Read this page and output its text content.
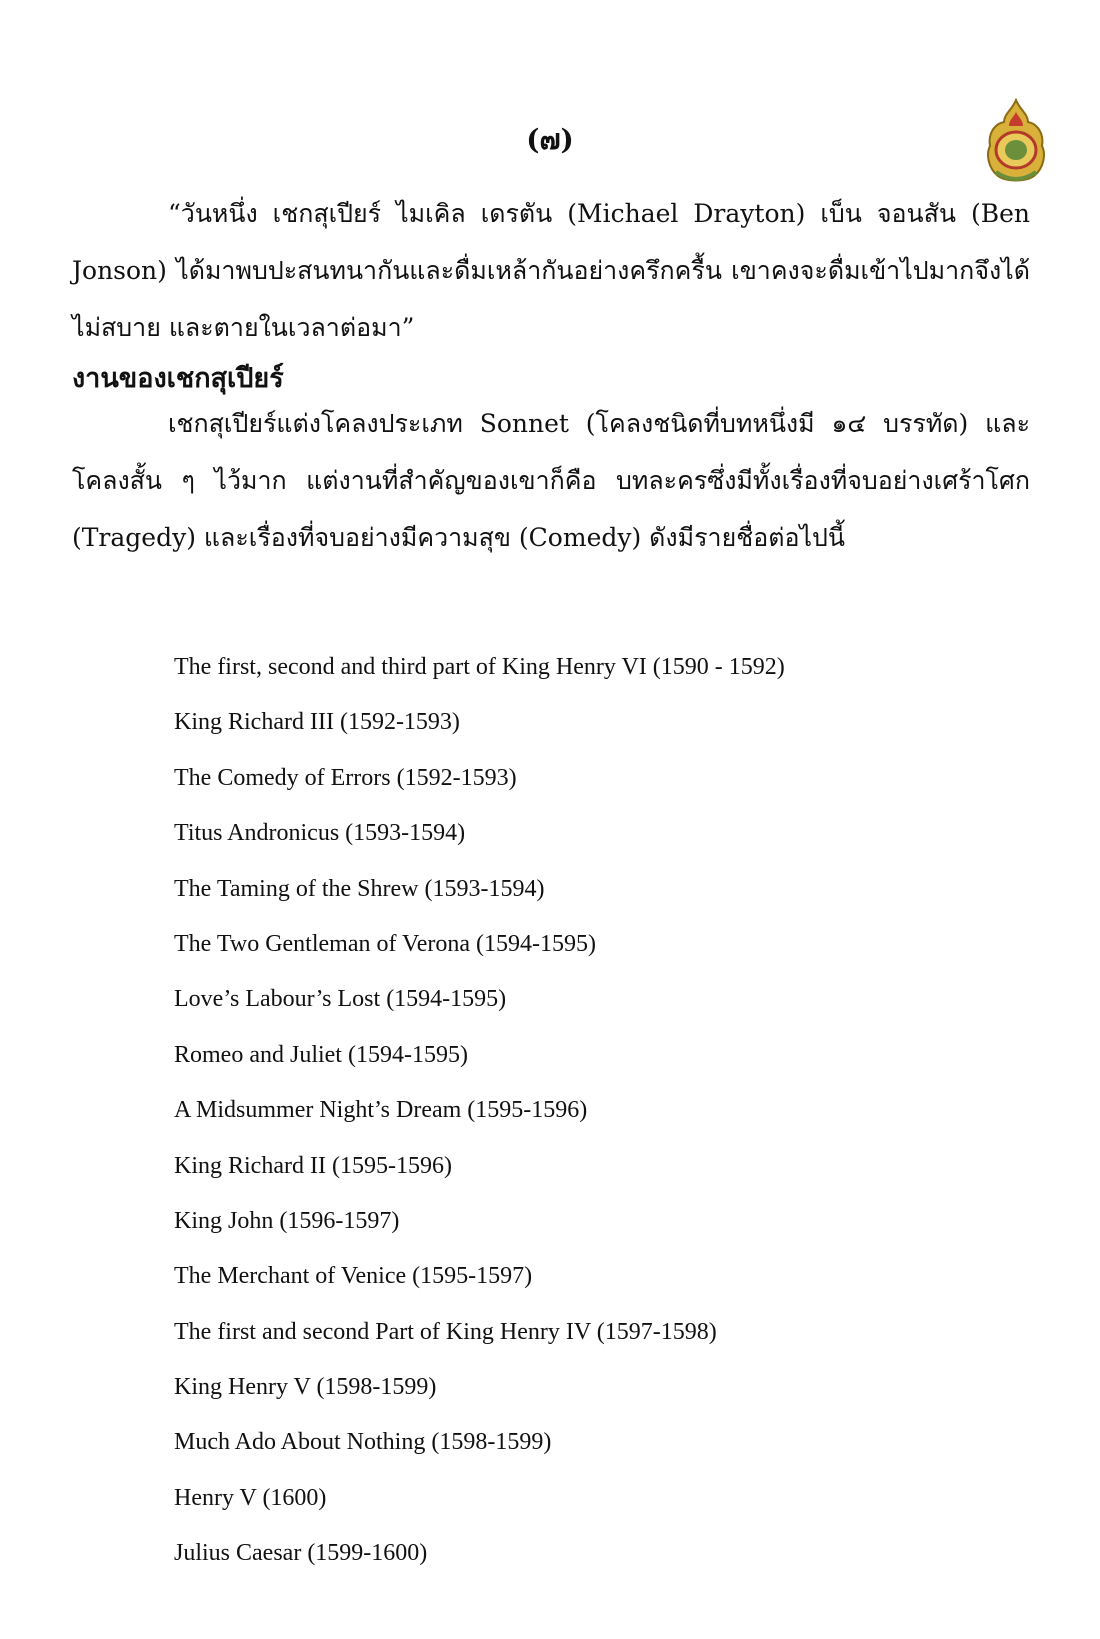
(๗)
“วันหนึ่ง เชกสุเปียร์ ไมเคิล เดรตัน (Michael Drayton) เบ็น จอนสัน (Ben Jonson) ได้มาพบปะสนทนากันและดื่มเหล้ากันอย่างครึกครื้น เขาคงจะดื่มเข้าไปมากจึงได้ไม่สบาย และตายในเวลาต่อมา”
งานของเชกสุเปียร์
เชกสุเปียร์แต่งโคลงประเภท Sonnet (โคลงชนิดที่บทหนึ่งมี ๑๔ บรรทัด) และโคลงสั้น ๆ ไว้มาก แต่งานที่สำคัญของเขาก็คือ บทละครซึ่งมีทั้งเรื่องที่จบอย่างเศร้าโศก (Tragedy) และเรื่องที่จบอย่างมีความสุข (Comedy) ดังมีรายชื่อต่อไปนี้
The first, second and third part of King Henry VI (1590 - 1592)
King Richard III (1592-1593)
The Comedy of Errors (1592-1593)
Titus Andronicus (1593-1594)
The Taming of the Shrew (1593-1594)
The Two Gentleman of Verona (1594-1595)
Love’s Labour’s Lost (1594-1595)
Romeo and Juliet (1594-1595)
A Midsummer Night’s Dream (1595-1596)
King Richard II (1595-1596)
King John (1596-1597)
The Merchant of Venice (1595-1597)
The first and second Part of King Henry IV (1597-1598)
King Henry V (1598-1599)
Much Ado About Nothing (1598-1599)
Henry V (1600)
Julius Caesar (1599-1600)
